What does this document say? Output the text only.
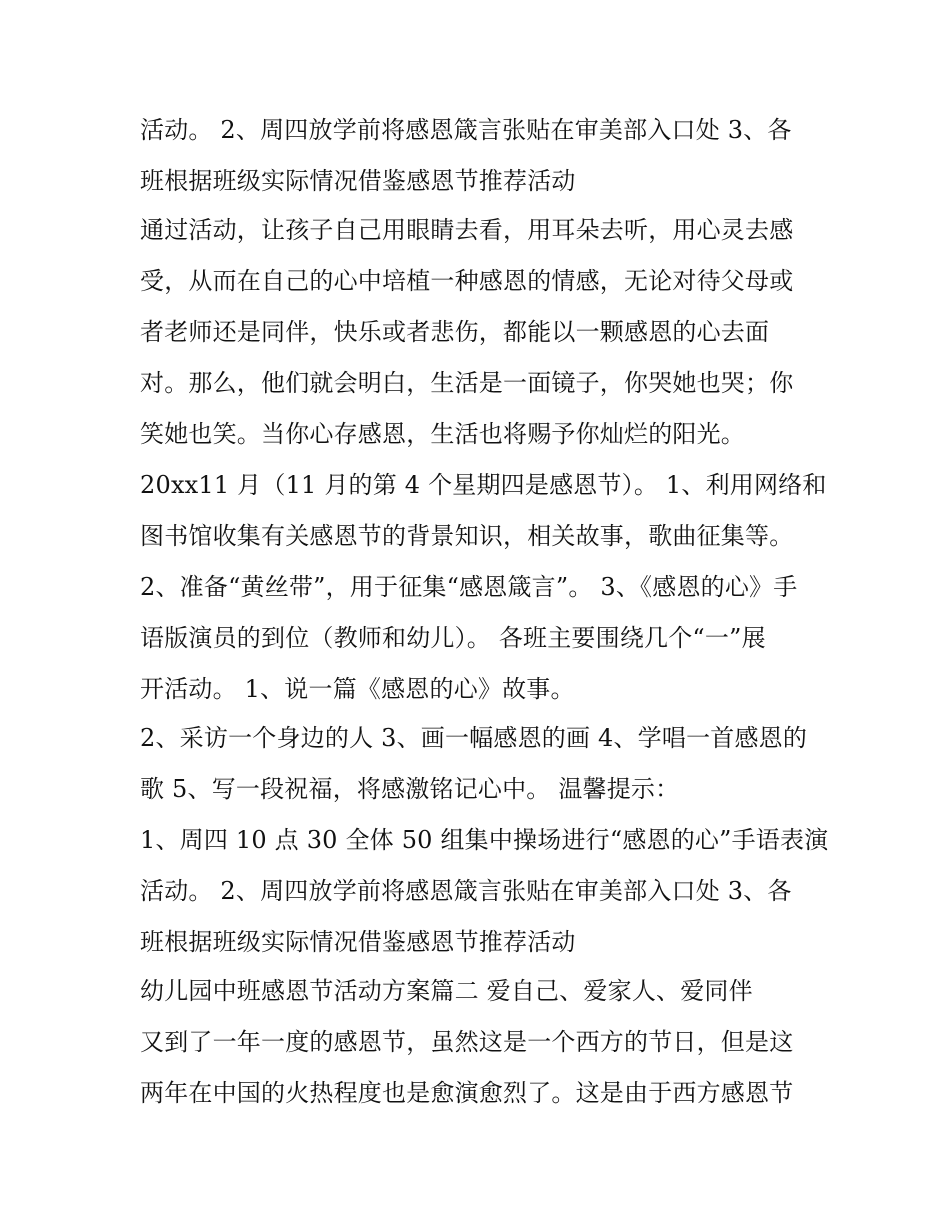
活动。 2、周四放学前将感恩箴言张贴在审美部入口处 3、各
班根据班级实际情况借鉴感恩节推荐活动
通过活动，让孩子自己用眼睛去看，用耳朵去听，用心灵去感
受，从而在自己的心中培植一种感恩的情感，无论对待父母或
者老师还是同伴，快乐或者悲伤，都能以一颗感恩的心去面
对。那么，他们就会明白，生活是一面镜子，你哭她也哭；你
笑她也笑。当你心存感恩，生活也将赐予你灿烂的阳光。
20xx11 月（11 月的第 4 个星期四是感恩节）。 1、利用网络和
图书馆收集有关感恩节的背景知识，相关故事，歌曲征集等。
2、准备“黄丝带”，用于征集“感恩箴言”。 3、《感恩的心》手
语版演员的到位（教师和幼儿）。 各班主要围绕几个“一”展
开活动。 1、说一篇《感恩的心》故事。
2、采访一个身边的人 3、画一幅感恩的画 4、学唱一首感恩的
歌 5、写一段祝福，将感激铭记心中。 温馨提示：
1、周四 10 点 30 全体 50 组集中操场进行“感恩的心”手语表演
活动。 2、周四放学前将感恩箴言张贴在审美部入口处 3、各
班根据班级实际情况借鉴感恩节推荐活动
幼儿园中班感恩节活动方案篇二 爱自己、爱家人、爱同伴
又到了一年一度的感恩节，虽然这是一个西方的节日，但是这
两年在中国的火热程度也是愈演愈烈了。这是由于西方感恩节
